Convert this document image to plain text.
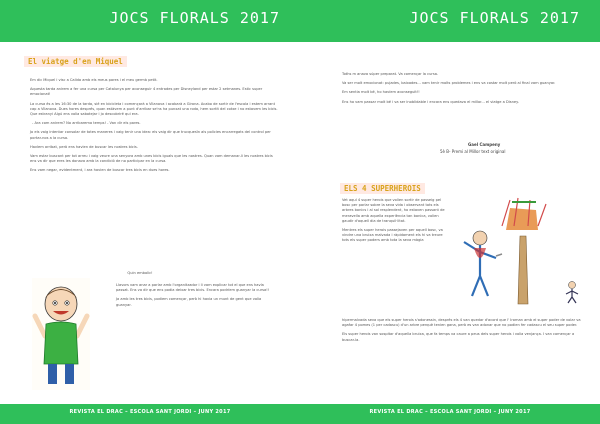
JOCS FLORALS 2017
El viatge d'en Miquel

Em dic Miquel i visc a Calida amb els meus pares i el meu germà petit.

Aquesta tarda anirem a fer una cursa per Catalunya per aconseguir 4 entrades per Disneyland per estar 2 setmanes. Estic super emocionat!

La cursa és a les 16:30 de la tarda, sié en bicicleta i començarà a Vilanova i acabarà a Girona. Acabo de sortir de l'escola i estem arrant cap a Vilanova. Dues hores després, quan estàvem a punt d'arribar se'ns ha punxat una roda, hem sortit del cotxe i no estavem les bicis. Que estranyi Algú ens volia sabotejar i jo descobriré qui era.

- Ara com anirem? No arribarema temps! - Van dir els pares.

Jo els vaig intentar consolar de totes maneres i vaig tenir una idea: els vaig dir que trucquesïn als policies encarregats del control per portar-nos a la cursa.

Havíem arribat, però ens havien de buscar les nostres bicis.

Vam estar buscant per tot arreu i vaig veure una senyora amb unes bicis iguals que les nostres. Quan vam demanar-li les nostres bicis ens va dir que eres les donava amb la condició de no participar en la cursa.

Ens vam negar, evidentment, i ara havien de buscar tres bicis en dues hores.

Quin embolic!

Llavors vam anar a parlar amb l'organitzador i li vam explicar tot el que ens havía passat. Ens va dir que ens podia deixar tres bicis. Encara podríem guanyar la cursa!!

Ja amb les tres bicis, podiem començar, però hi havia un munt de gent que volia guanyar.

REVISTA EL DRAC – ESCOLA SANT JORDI – JUNY 2017
JOCS FLORALS 2017

Toths m anava súper preparat. Va començar la cursa.

Va ser molt emocionat: pujades, baixades... vam tenir molts problemes i ens va costar molt però al final vam guanyar.

Em sentia molt bé, ho havíem aconseguit!!

Ens ho vam passar molt bé i va ser inoblidable i encara ens quedava el millor... el viatge a Disney.

Gael Campeny
5è B- Premi al Millor text original
ELS 4 SUPERHEROIS

Vet aquí 4 super herois que volien sortir de passeig pel bosc per parlar sobre la seva vida i observant tots els arbres bonics i al sol resplendent, ho estaven passant de meravella amb aquella experiència tan bonica, volien gaudir d'aquell dia de tranquil·litat.

Mentres els super herois passejaven per aquell bosc, va vindre una bruixa malvada i ràpidament els hi va treure tots els super poders amb tota la seva màgia

hipermalvada seva que els super herois s'adonessin, després els 4 van quedar d'acord que l' Iroman amb el super poder de volar va agafar 4 pomes (1 per cadascu) d'un arbre perquè tenien gana, però es van adonar que no podien fer cadascu el seu super poder.

Els super herois van sospitar d'aquella bruixa, que fa temps va caure a peus dels super herois i volia venjança. I van començar a buscar-la.

REVISTA EL DRAC – ESCOLA SANT JORDI – JUNY 2017
